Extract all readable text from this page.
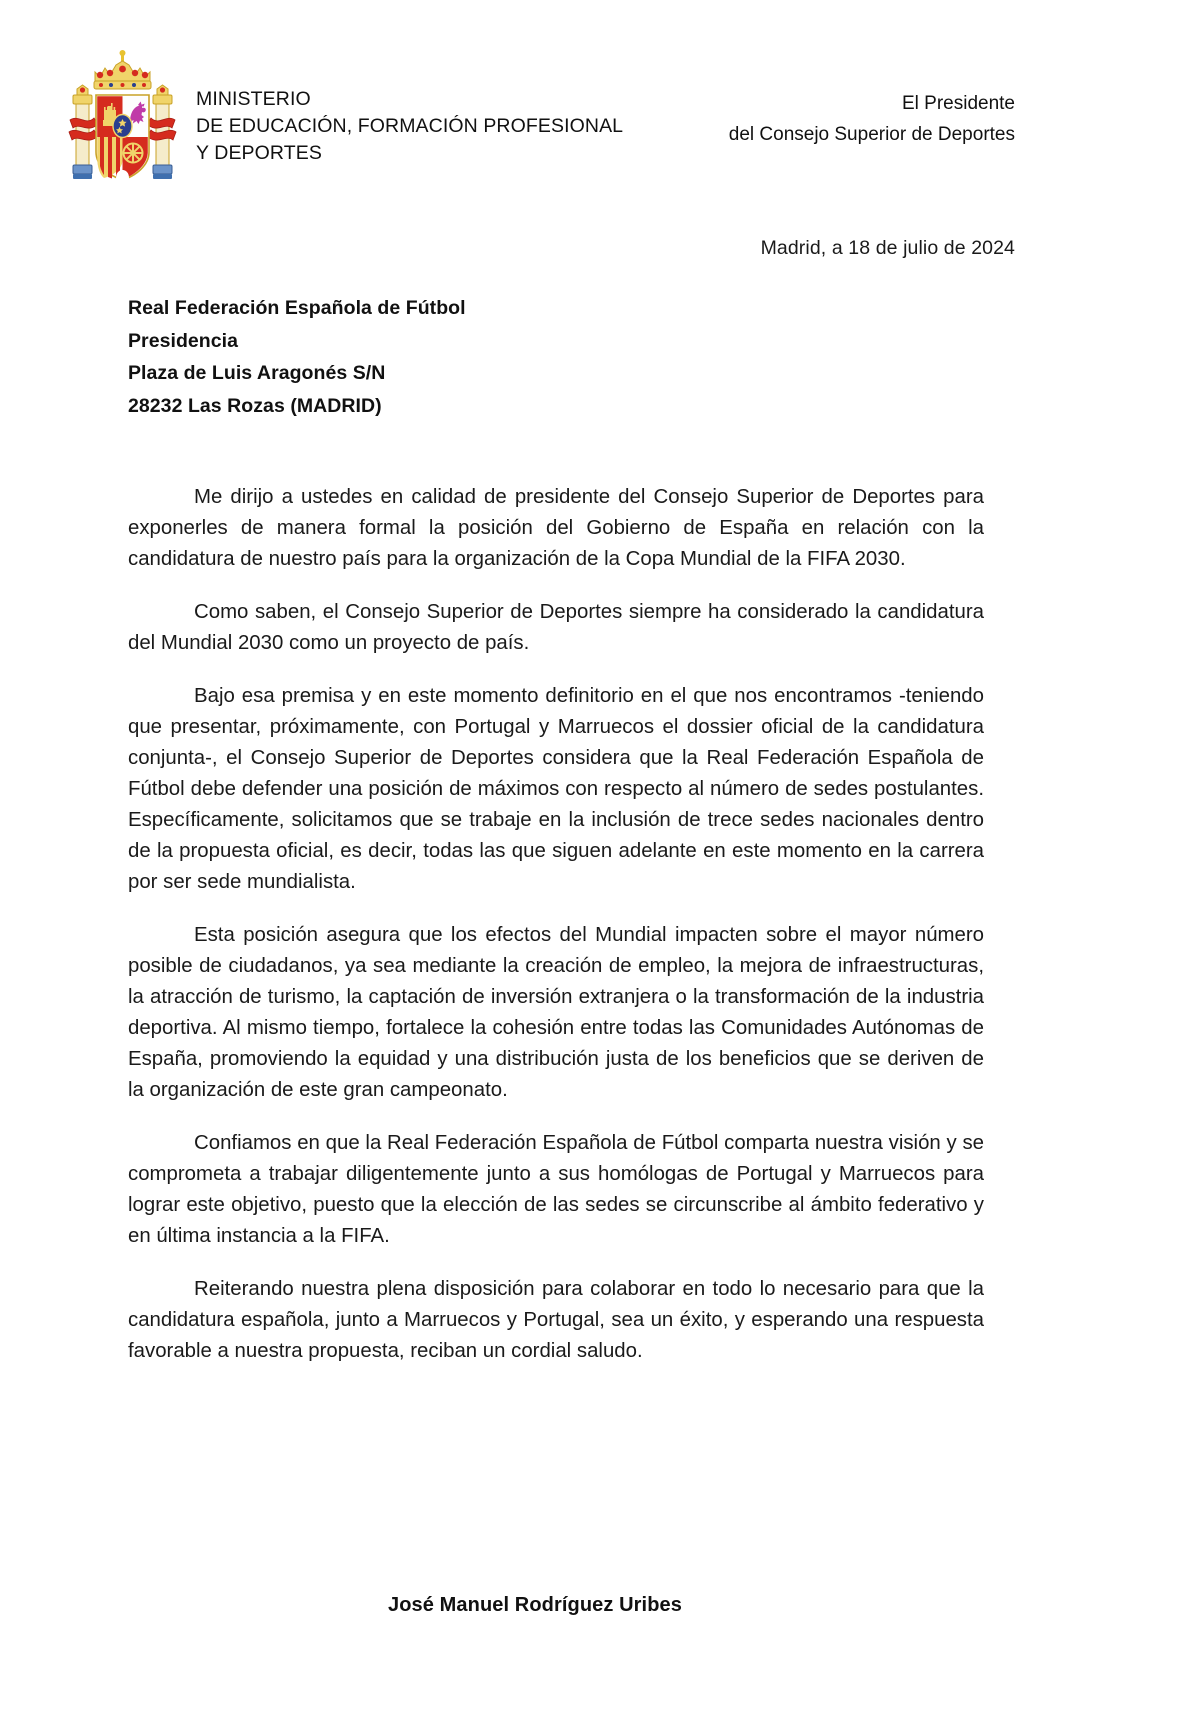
MINISTERIO
DE EDUCACIÓN, FORMACIÓN PROFESIONAL
Y DEPORTES
El Presidente
del Consejo Superior de Deportes
Madrid, a 18 de julio de 2024
Real Federación Española de Fútbol
Presidencia
Plaza de Luis Aragonés S/N
28232 Las Rozas (MADRID)

Me dirijo a ustedes en calidad de presidente del Consejo Superior de Deportes para exponerles de manera formal la posición del Gobierno de España en relación con la candidatura de nuestro país para la organización de la Copa Mundial de la FIFA 2030.

Como saben, el Consejo Superior de Deportes siempre ha considerado la candidatura del Mundial 2030 como un proyecto de país.

Bajo esa premisa y en este momento definitorio en el que nos encontramos -teniendo que presentar, próximamente, con Portugal y Marruecos el dossier oficial de la candidatura conjunta-, el Consejo Superior de Deportes considera que la Real Federación Española de Fútbol debe defender una posición de máximos con respecto al número de sedes postulantes. Específicamente, solicitamos que se trabaje en la inclusión de trece sedes nacionales dentro de la propuesta oficial, es decir, todas las que siguen adelante en este momento en la carrera por ser sede mundialista.

Esta posición asegura que los efectos del Mundial impacten sobre el mayor número posible de ciudadanos, ya sea mediante la creación de empleo, la mejora de infraestructuras, la atracción de turismo, la captación de inversión extranjera o la transformación de la industria deportiva. Al mismo tiempo, fortalece la cohesión entre todas las Comunidades Autónomas de España, promoviendo la equidad y una distribución justa de los beneficios que se deriven de la organización de este gran campeonato.

Confiamos en que la Real Federación Española de Fútbol comparta nuestra visión y se comprometa a trabajar diligentemente junto a sus homólogas de Portugal y Marruecos para lograr este objetivo, puesto que la elección de las sedes se circunscribe al ámbito federativo y en última instancia a la FIFA.

Reiterando nuestra plena disposición para colaborar en todo lo necesario para que la candidatura española, junto a Marruecos y Portugal, sea un éxito, y esperando una respuesta favorable a nuestra propuesta, reciban un cordial saludo.

José Manuel Rodríguez Uribes
